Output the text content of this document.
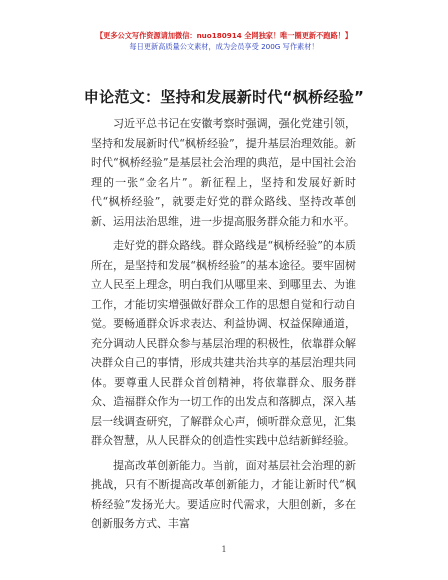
【更多公文写作资源请加微信：nuo180914 全网独家！唯一圈更新不跑路！】
每日更新高质量公文素材，成为会员享受 200G 写作素材！
申论范文：坚持和发展新时代“枫桥经验”

习近平总书记在安徽考察时强调，强化党建引领，坚持和发展新时代“枫桥经验”，提升基层治理效能。新时代“枫桥经验”是基层社会治理的典范，是中国社会治理的一张“金名片”。新征程上，坚持和发展好新时代“枫桥经验”，就要走好党的群众路线、坚持改革创新、运用法治思维，进一步提高服务群众能力和水平。

走好党的群众路线。群众路线是“枫桥经验”的本质所在，是坚持和发展“枫桥经验”的基本途径。要牢固树立人民至上理念，明白我们从哪里来、到哪里去、为谁工作，才能切实增强做好群众工作的思想自觉和行动自觉。要畅通群众诉求表达、利益协调、权益保障通道，充分调动人民群众参与基层治理的积极性，依靠群众解决群众自己的事情，形成共建共治共享的基层治理共同体。要尊重人民群众首创精神，将依靠群众、服务群众、造福群众作为一切工作的出发点和落脚点，深入基层一线调查研究，了解群众心声，倾听群众意见，汇集群众智慧，从人民群众的创造性实践中总结新鲜经验。

提高改革创新能力。当前，面对基层社会治理的新挑战，只有不断提高改革创新能力，才能让新时代“枫桥经验”发扬光大。要适应时代需求，大胆创新，多在创新服务方式、丰富

1
